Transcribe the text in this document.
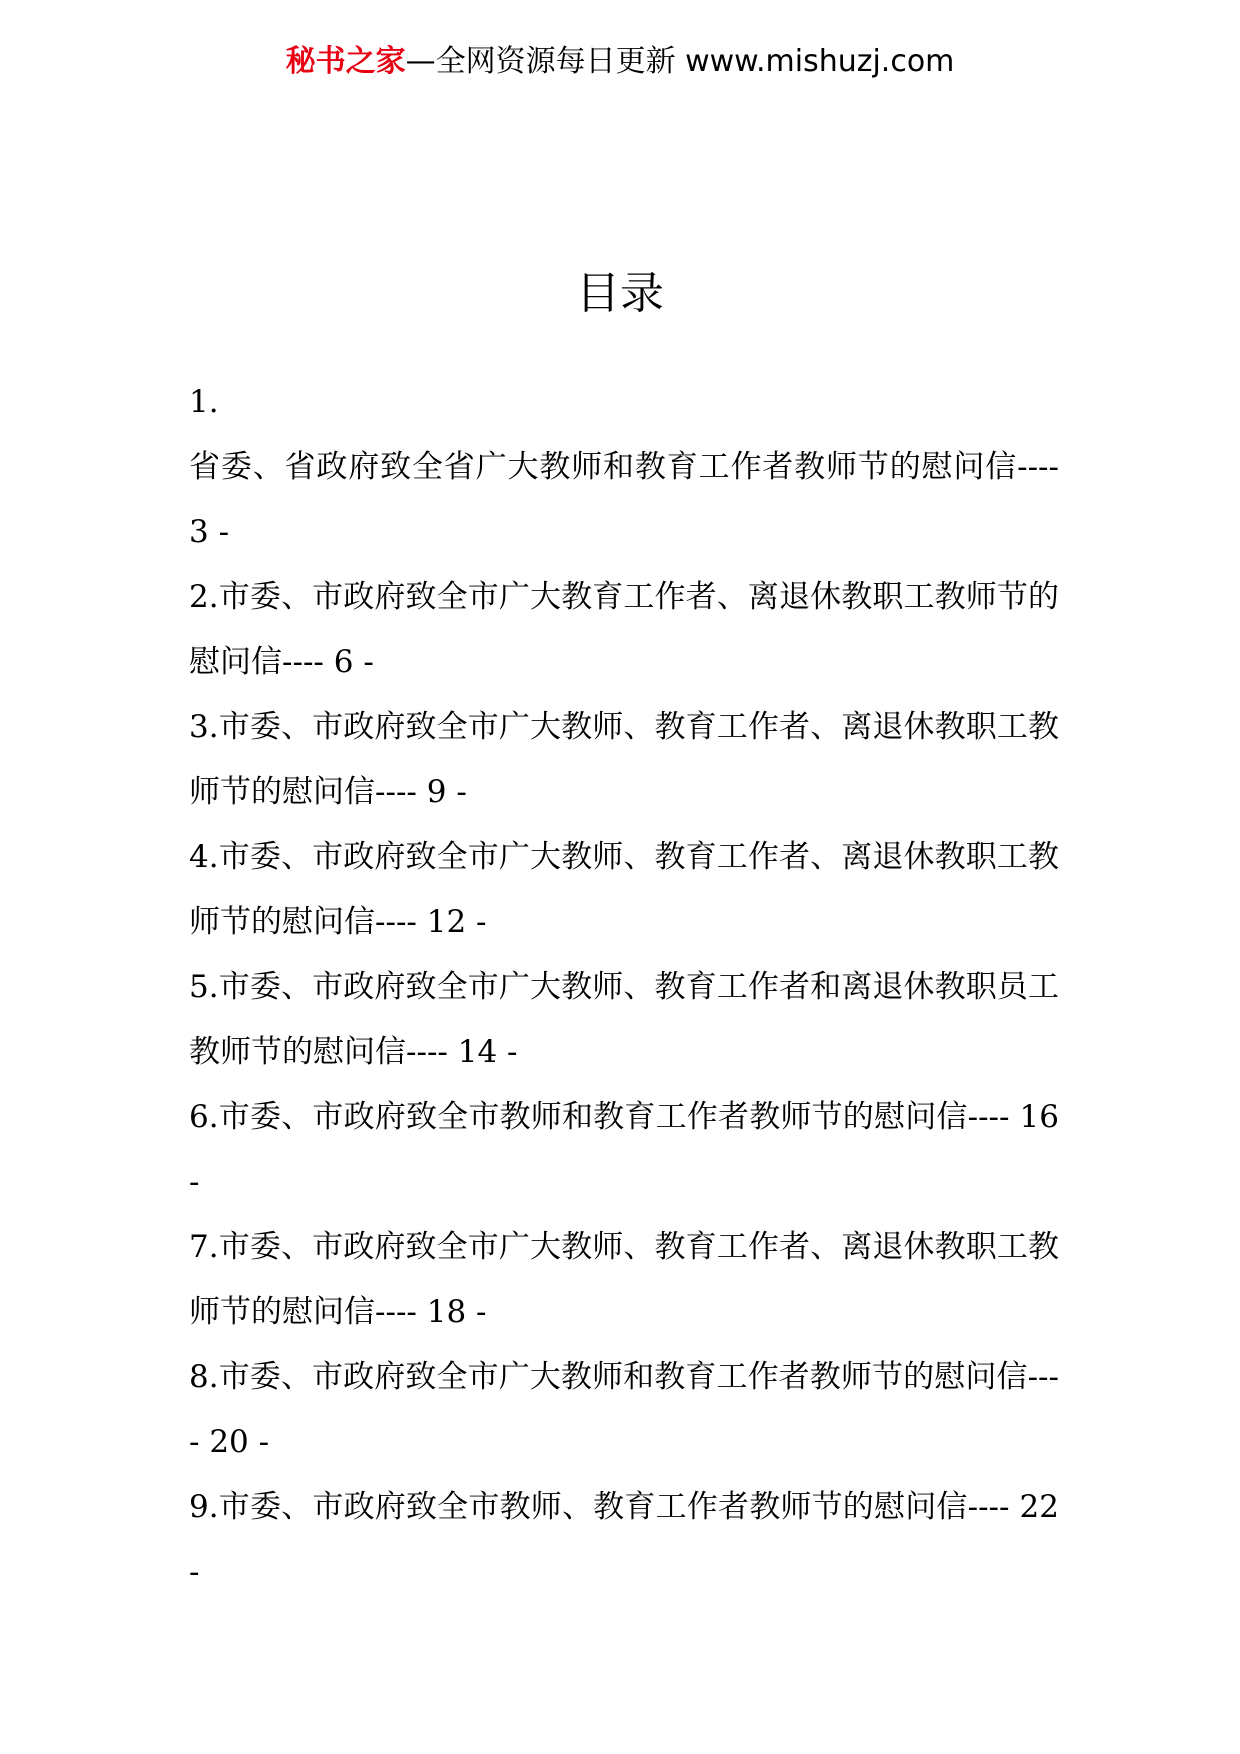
秘书之家—全网资源每日更新 www.mishuzj.com
目录
1.
省委、省政府致全省广大教师和教育工作者教师节的慰问信---- 3 -
2.市委、市政府致全市广大教育工作者、离退休教职工教师节的慰问信---- 6 -
3.市委、市政府致全市广大教师、教育工作者、离退休教职工教师节的慰问信---- 9 -
4.市委、市政府致全市广大教师、教育工作者、离退休教职工教师节的慰问信---- 12 -
5.市委、市政府致全市广大教师、教育工作者和离退休教职员工教师节的慰问信---- 14 -
6.市委、市政府致全市教师和教育工作者教师节的慰问信---- 16 -
7.市委、市政府致全市广大教师、教育工作者、离退休教职工教师节的慰问信---- 18 -
8.市委、市政府致全市广大教师和教育工作者教师节的慰问信---- 20 -
9.市委、市政府致全市教师、教育工作者教师节的慰问信---- 22 -
